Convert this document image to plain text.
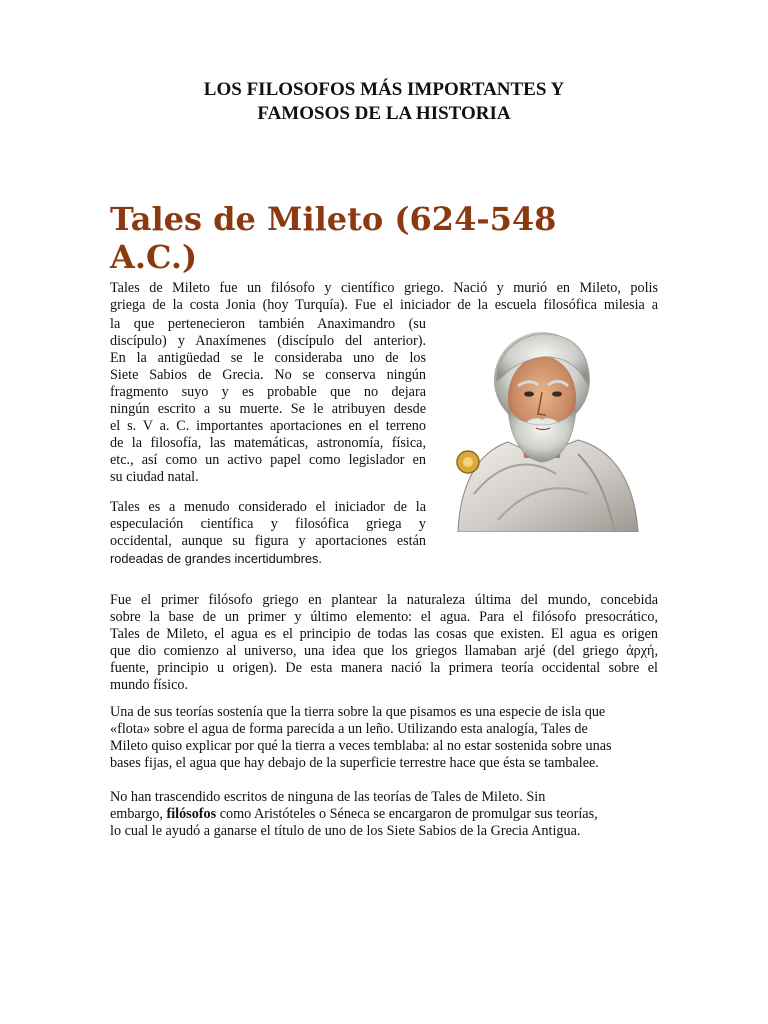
LOS FILOSOFOS MÁS IMPORTANTES Y
FAMOSOS DE LA HISTORIA
Tales de Mileto (624-548
A.C.)

Tales de Mileto fue un filósofo y científico griego. Nació y murió en Mileto, polis
griega de la costa Jonia (hoy Turquía). Fue el iniciador de la escuela filosófica milesia a

la que pertenecieron también Anaximandro (su
discípulo) y Anaxímenes (discípulo del anterior).
En la antigüedad se le consideraba uno de los
Siete Sabios de Grecia. No se conserva ningún
fragmento suyo y es probable que no dejara
ningún escrito a su muerte. Se le atribuyen desde
el s. V a. C. importantes aportaciones en el terreno
de la filosofía, las matemáticas, astronomía, física,
etc., así como un activo papel como legislador en
su ciudad natal.

Tales es a menudo considerado el iniciador de la
especulación científica y filosófica griega y
occidental, aunque su figura y aportaciones están
rodeadas de grandes incertidumbres.

Fue el primer filósofo griego en plantear la naturaleza última del mundo, concebida
sobre la base de un primer y último elemento: el agua. Para el filósofo presocrático,
Tales de Mileto, el agua es el principio de todas las cosas que existen. El agua es origen
que dio comienzo al universo, una idea que los griegos llamaban arjé (del griego ἀρχή,
fuente, principio u origen). De esta manera nació la primera teoría occidental sobre el
mundo físico.

Una de sus teorías sostenía que la tierra sobre la que pisamos es una especie de isla que
«flota» sobre el agua de forma parecida a un leño. Utilizando esta analogía, Tales de
Mileto quiso explicar por qué la tierra a veces temblaba: al no estar sostenida sobre unas
bases fijas, el agua que hay debajo de la superficie terrestre hace que ésta se tambalee.

No han trascendido escritos de ninguna de las teorías de Tales de Mileto. Sin
embargo, filósofos como Aristóteles o Séneca se encargaron de promulgar sus teorías,
lo cual le ayudó a ganarse el título de uno de los Siete Sabios de la Grecia Antigua.
